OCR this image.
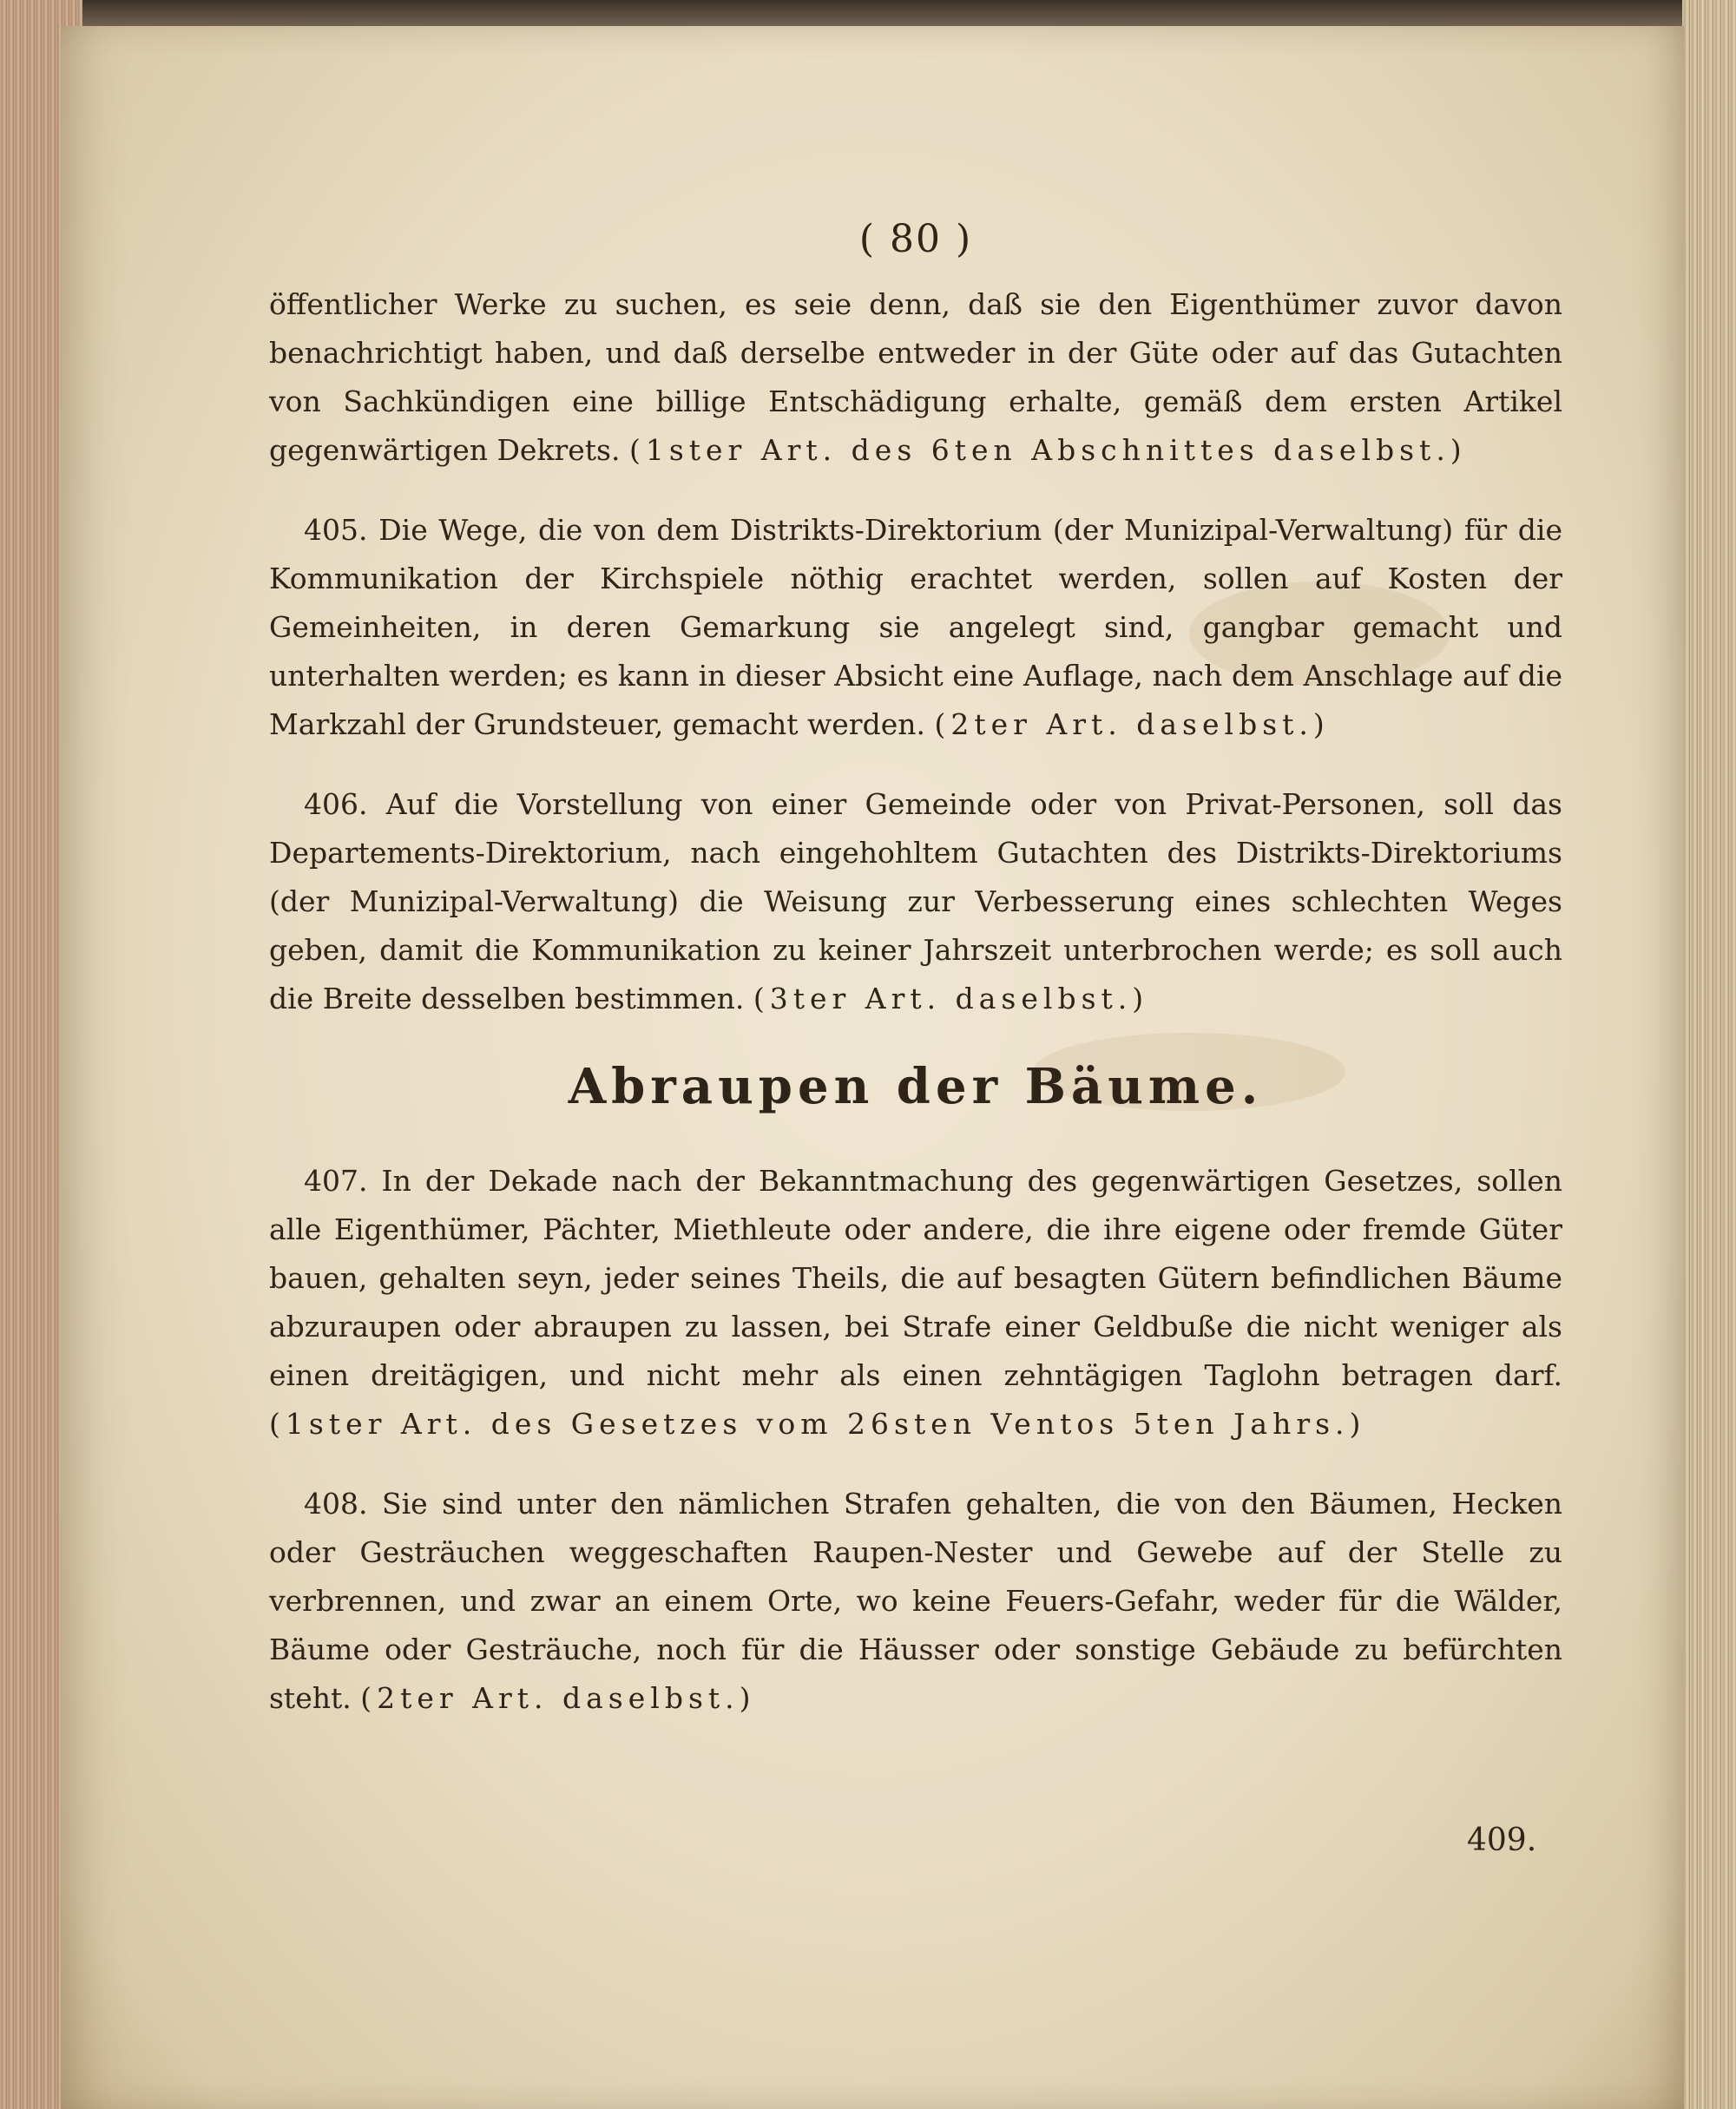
( 80 )

öffentlicher Werke zu suchen, es seie denn, daß sie den Eigenthümer zuvor davon benachrichtigt haben, und daß derselbe entweder in der Güte oder auf das Gutachten von Sachkündigen eine billige Entschädigung erhalte, gemäß dem ersten Artikel gegenwärtigen Dekrets. (1ster Art. des 6ten Abschnittes daselbst.)

405. Die Wege, die von dem Distrikts-Direktorium (der Munizipal-Verwaltung) für die Kommunikation der Kirchspiele nöthig erachtet werden, sollen auf Kosten der Gemeinheiten, in deren Gemarkung sie angelegt sind, gangbar gemacht und unterhalten werden; es kann in dieser Absicht eine Auflage, nach dem Anschlage auf die Markzahl der Grundsteuer, gemacht werden. (2ter Art. daselbst.)

406. Auf die Vorstellung von einer Gemeinde oder von Privat-Personen, soll das Departements-Direktorium, nach eingehohltem Gutachten des Distrikts-Direktoriums (der Munizipal-Verwaltung) die Weisung zur Verbesserung eines schlechten Weges geben, damit die Kommunikation zu keiner Jahrszeit unterbrochen werde; es soll auch die Breite desselben bestimmen. (3ter Art. daselbst.)

Abraupen der Bäume.

407. In der Dekade nach der Bekanntmachung des gegenwärtigen Gesetzes, sollen alle Eigenthümer, Pächter, Miethleute oder andere, die ihre eigene oder fremde Güter bauen, gehalten seyn, jeder seines Theils, die auf besagten Gütern befindlichen Bäume abzuraupen oder abraupen zu lassen, bei Strafe einer Geldbuße die nicht weniger als einen dreitägigen, und nicht mehr als einen zehntägigen Taglohn betragen darf. (1ster Art. des Gesetzes vom 26sten Ventos 5ten Jahrs.)

408. Sie sind unter den nämlichen Strafen gehalten, die von den Bäumen, Hecken oder Gesträuchen weggeschaften Raupen-Nester und Gewebe auf der Stelle zu verbrennen, und zwar an einem Orte, wo keine Feuers-Gefahr, weder für die Wälder, Bäume oder Gesträuche, noch für die Häusser oder sonstige Gebäude zu befürchten steht. (2ter Art. daselbst.)

409.
